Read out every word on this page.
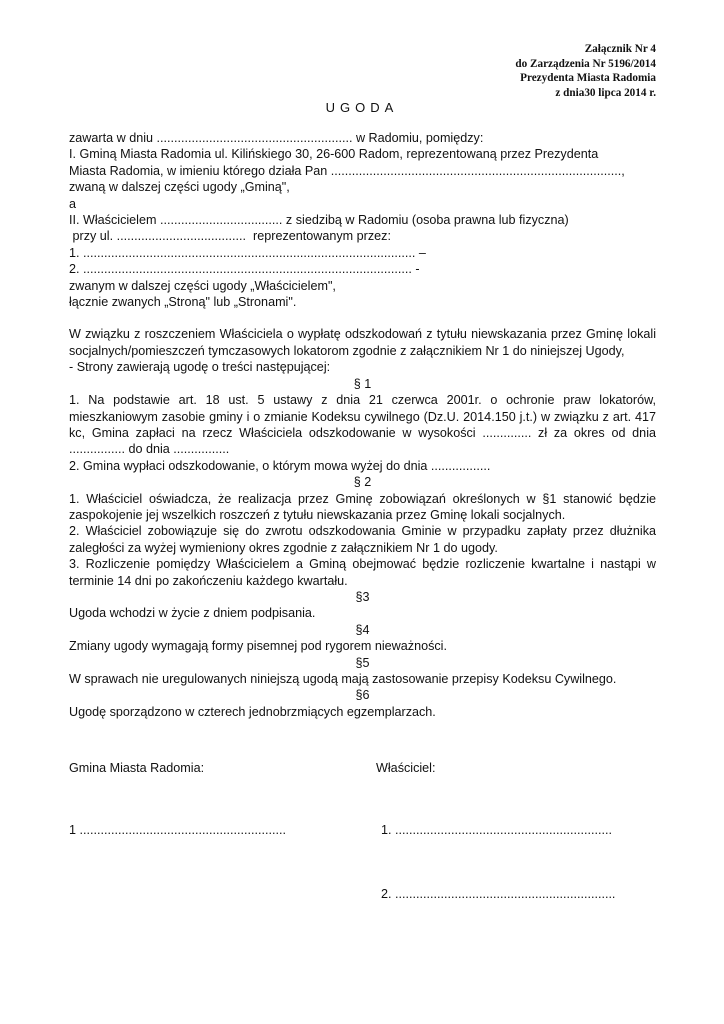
Załącznik Nr 4
do Zarządzenia Nr 5196/2014
Prezydenta Miasta Radomia
z dnia30 lipca 2014 r.
UGODA

zawarta w dniu ........................................................ w Radomiu, pomiędzy:

I. Gminą Miasta Radomia ul. Kilińskiego 30, 26-600 Radom, reprezentowaną przez Prezydenta

Miasta Radomia, w imieniu którego działa Pan ...................................................................................,

zwaną w dalszej części ugody „Gminą",

a

II. Właścicielem ................................... z siedzibą w Radomiu (osoba prawna lub fizyczna)

przy ul. .....................................  reprezentowanym przez:

1. ............................................................................................... –

2. .............................................................................................. -

zwanym w dalszej części ugody „Właścicielem",

łącznie zwanych „Stroną" lub „Stronami".

W związku z roszczeniem Właściciela o wypłatę odszkodowań z tytułu niewskazania przez Gminę lokali socjalnych/pomieszczeń tymczasowych lokatorom zgodnie z załącznikiem Nr 1 do niniejszej Ugody,

- Strony zawierają ugodę o treści następującej:

§ 1

1. Na podstawie art. 18 ust. 5 ustawy z dnia 21 czerwca 2001r. o ochronie praw lokatorów, mieszkaniowym zasobie gminy i o zmianie Kodeksu cywilnego (Dz.U. 2014.150 j.t.) w związku z art. 417 kc, Gmina zapłaci na rzecz Właściciela odszkodowanie w wysokości .............. zł za okres od dnia ................ do dnia ................

2. Gmina wypłaci odszkodowanie, o którym mowa wyżej do dnia .................

§ 2

1. Właściciel oświadcza, że realizacja przez Gminę zobowiązań określonych w §1 stanowić będzie zaspokojenie jej wszelkich roszczeń z tytułu niewskazania przez Gminę lokali socjalnych.

2. Właściciel zobowiązuje się do zwrotu odszkodowania Gminie w przypadku zapłaty przez dłużnika zaległości za wyżej wymieniony okres zgodnie z załącznikiem Nr 1 do ugody.

3. Rozliczenie pomiędzy Właścicielem a Gminą obejmować będzie rozliczenie kwartalne i nastąpi w terminie 14 dni po zakończeniu każdego kwartału.

§3

Ugoda wchodzi w życie z dniem podpisania.

§4

Zmiany ugody wymagają formy pisemnej pod rygorem nieważności.

§5

W sprawach nie uregulowanych niniejszą ugodą mają zastosowanie przepisy Kodeksu Cywilnego.

§6

Ugodę sporządzono w czterech jednobrzmiących egzemplarzach.

Gmina Miasta Radomia:	Właściciel:
1 ...........................................................	1. ..............................................................
2. ...............................................................
